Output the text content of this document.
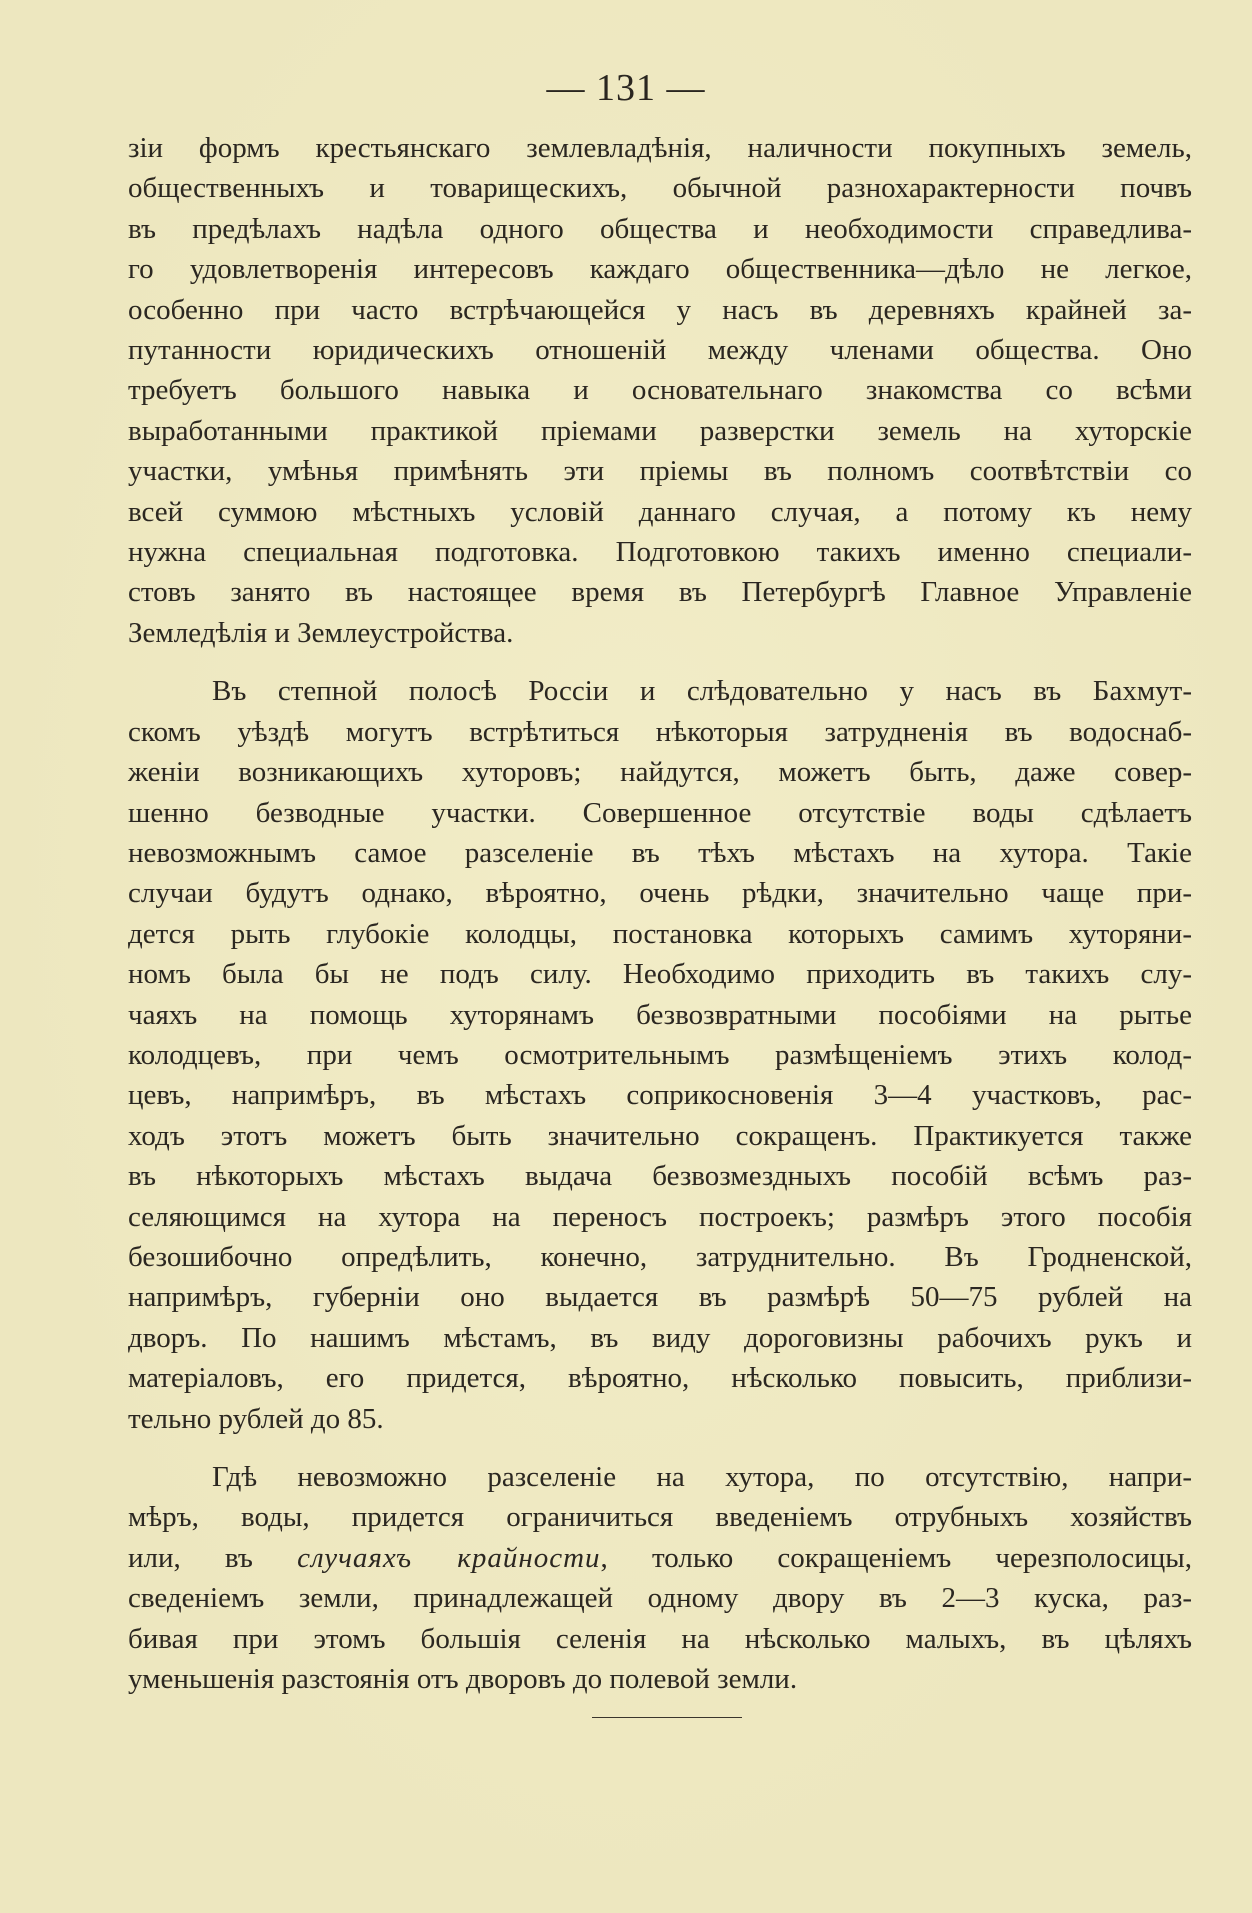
— 131 —
зіи формъ крестьянскаго землевладѣнія, наличности покупныхъ земель,
общественныхъ и товарищескихъ, обычной разнохарактерности почвъ
въ предѣлахъ надѣла одного общества и необходимости справедлива-
го удовлетворенія интересовъ каждаго общественника—дѣло не легкое,
особенно при часто встрѣчающейся у насъ въ деревняхъ крайней за-
путанности юридическихъ отношеній между членами общества. Оно
требуетъ большого навыка и основательнаго знакомства со всѣми
выработанными практикой пріемами разверстки земель на хуторскіе
участки, умѣнья примѣнять эти пріемы въ полномъ соотвѣтствіи со
всей суммою мѣстныхъ условій даннаго случая, а потому къ нему
нужна специальная подготовка. Подготовкою такихъ именно специали-
стовъ занято въ настоящее время въ Петербургѣ Главное Управленіе
Земледѣлія и Землеустройства.
Въ степной полосѣ Россіи и слѣдовательно у насъ въ Бахмут-
скомъ уѣздѣ могутъ встрѣтиться нѣкоторыя затрудненія въ водоснаб-
женіи возникающихъ хуторовъ; найдутся, можетъ быть, даже совер-
шенно безводные участки. Совершенное отсутствіе воды сдѣлаетъ
невозможнымъ самое разселеніе въ тѣхъ мѣстахъ на хутора. Такіе
случаи будутъ однако, вѣроятно, очень рѣдки, значительно чаще при-
дется рыть глубокіе колодцы, постановка которыхъ самимъ хуторяни-
номъ была бы не подъ силу. Необходимо приходить въ такихъ слу-
чаяхъ на помощь хуторянамъ безвозвратными пособіями на рытье
колодцевъ, при чемъ осмотрительнымъ размѣщеніемъ этихъ колод-
цевъ, напримѣръ, въ мѣстахъ соприкосновенія 3—4 участковъ, рас-
ходъ этотъ можетъ быть значительно сокращенъ. Практикуется также
въ нѣкоторыхъ мѣстахъ выдача безвозмездныхъ пособій всѣмъ раз-
селяющимся на хутора на переносъ построекъ; размѣръ этого пособія
безошибочно опредѣлить, конечно, затруднительно. Въ Гродненской,
напримѣръ, губерніи оно выдается въ размѣрѣ 50—75 рублей на
дворъ. По нашимъ мѣстамъ, въ виду дороговизны рабочихъ рукъ и
матеріаловъ, его придется, вѣроятно, нѣсколько повысить, приблизи-
тельно рублей до 85.
Гдѣ невозможно разселеніе на хутора, по отсутствію, напри-
мѣръ, воды, придется ограничиться введеніемъ отрубныхъ хозяйствъ
или, въ случаяхъ крайности, только сокращеніемъ черезполосицы,
сведеніемъ земли, принадлежащей одному двору въ 2—3 куска, раз-
бивая при этомъ большія селенія на нѣсколько малыхъ, въ цѣляхъ
уменьшенія разстоянія отъ дворовъ до полевой земли.
